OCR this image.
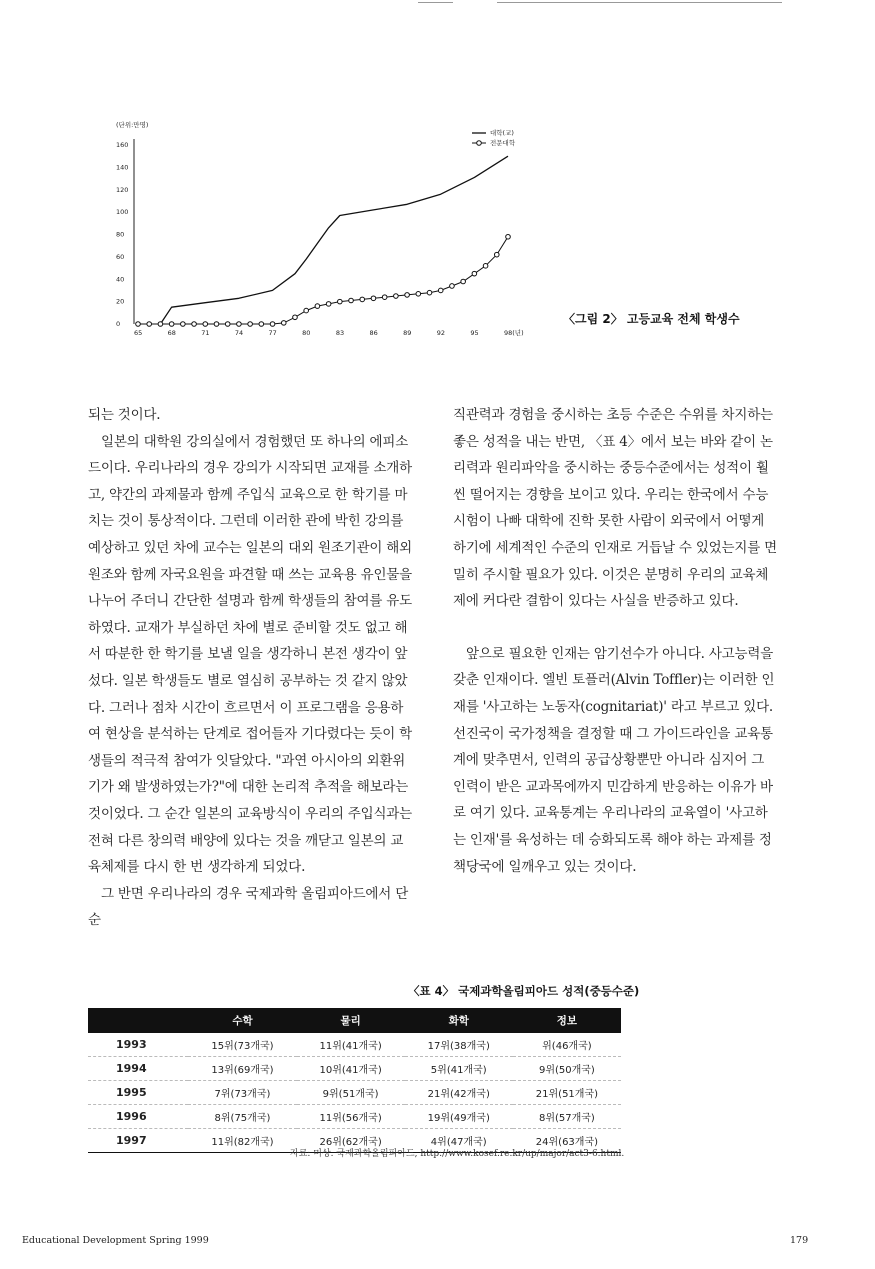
(단위:만명)
0
20
40
60
80
100
120
140
160
65	68	71	74	77	80	83	86	89	92	95	98(년)
대학(교)
전문대학
〈그림 2〉 고등교육 전체 학생수

되는 것이다.

일본의 대학원 강의실에서 경험했던 또 하나의 에피소드이다. 우리나라의 경우 강의가 시작되면 교재를 소개하고, 약간의 과제물과 함께 주입식 교육으로 한 학기를 마치는 것이 통상적이다. 그런데 이러한 관에 박힌 강의를 예상하고 있던 차에 교수는 일본의 대외 원조기관이 해외원조와 함께 자국요원을 파견할 때 쓰는 교육용 유인물을 나누어 주더니 간단한 설명과 함께 학생들의 참여를 유도하였다. 교재가 부실하던 차에 별로 준비할 것도 없고 해서 따분한 한 학기를 보낼 일을 생각하니 본전 생각이 앞섰다. 일본 학생들도 별로 열심히 공부하는 것 같지 않았다. 그러나 점차 시간이 흐르면서 이 프로그램을 응용하여 현상을 분석하는 단계로 접어들자 기다렸다는 듯이 학생들의 적극적 참여가 잇달았다. "과연 아시아의 외환위기가 왜 발생하였는가?"에 대한 논리적 추적을 해보라는 것이었다. 그 순간 일본의 교육방식이 우리의 주입식과는 전혀 다른 창의력 배양에 있다는 것을 깨닫고 일본의 교육체제를 다시 한 번 생각하게 되었다.

그 반면 우리나라의 경우 국제과학 올림피아드에서 단순

직관력과 경험을 중시하는 초등 수준은 수위를 차지하는 좋은 성적을 내는 반면, 〈표 4〉에서 보는 바와 같이 논리력과 원리파악을 중시하는 중등수준에서는 성적이 훨씬 떨어지는 경향을 보이고 있다. 우리는 한국에서 수능시험이 나빠 대학에 진학 못한 사람이 외국에서 어떻게 하기에 세계적인 수준의 인재로 거듭날 수 있었는지를 면밀히 주시할 필요가 있다. 이것은 분명히 우리의 교육체제에 커다란 결함이 있다는 사실을 반증하고 있다.

앞으로 필요한 인재는 암기선수가 아니다. 사고능력을 갖춘 인재이다. 엘빈 토플러(Alvin Toffler)는 이러한 인재를 '사고하는 노동자(cognitariat)' 라고 부르고 있다. 선진국이 국가정책을 결정할 때 그 가이드라인을 교육통계에 맞추면서, 인력의 공급상황뿐만 아니라 심지어 그 인력이 받은 교과목에까지 민감하게 반응하는 이유가 바로 여기 있다. 교육통계는 우리나라의 교육열이 '사고하는 인재'를 육성하는 데 승화되도록 해야 하는 과제를 정책당국에 일깨우고 있는 것이다.

〈표 4〉 국제과학올림피아드 성적(중등수준)
	수학	물리	화학	정보
1993	15위(73개국)	11위(41개국)	17위(38개국)	위(46개국)
1994	13위(69개국)	10위(41개국)	5위(41개국)	9위(50개국)
1995	7위(73개국)	9위(51개국)	21위(42개국)	21위(51개국)
1996	8위(75개국)	11위(56개국)	19위(49개국)	8위(57개국)
1997	11위(82개국)	26위(62개국)	4위(47개국)	24위(63개국)
자료: 미상. 국제과학올림피아드, http://www.kosef.re.kr/up/major/act3-6.html.
Educational Development Spring 1999	179
